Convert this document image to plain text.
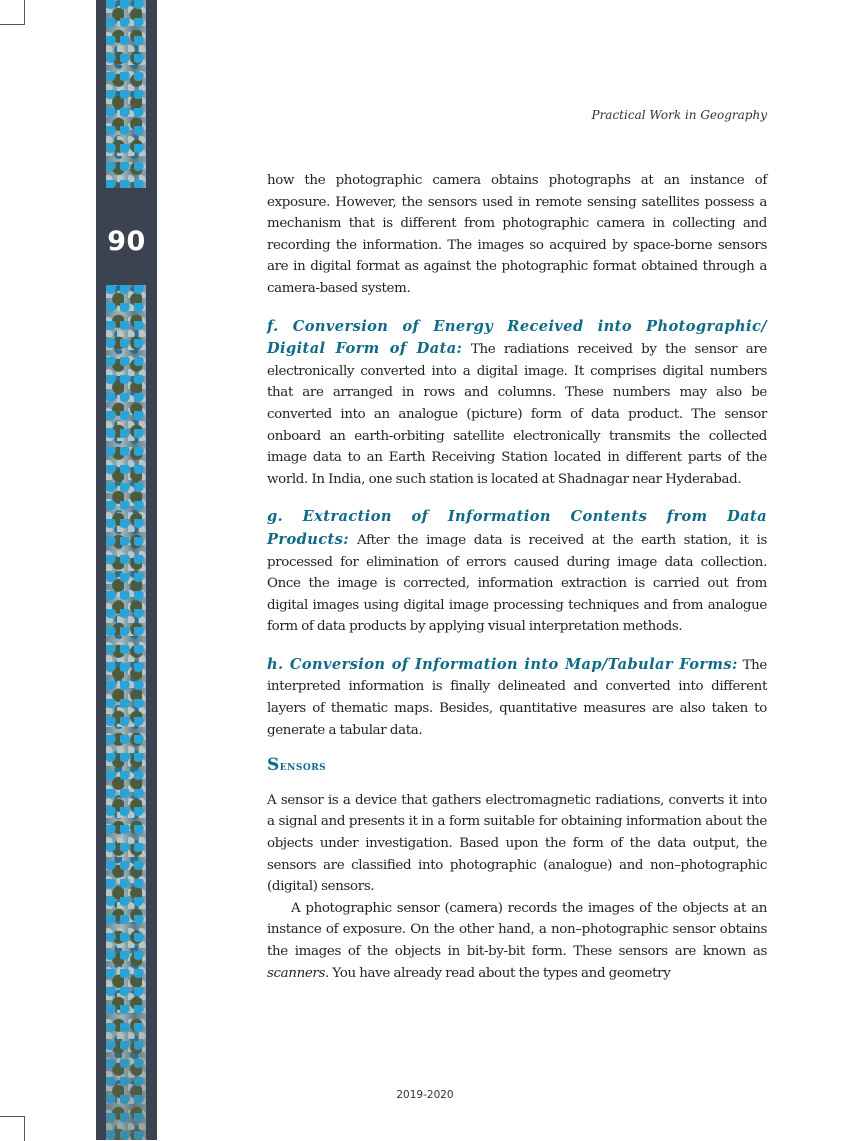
90
Practical Work in Geography

how the photographic camera obtains photographs at an instance of exposure. However, the sensors used in remote sensing satellites possess a mechanism that is different from photographic camera in collecting and recording the information. The images so acquired by space-borne sensors are in digital format as against the photographic format obtained through a camera-based system.

f. Conversion of Energy Received into Photographic/ Digital Form of Data: The radiations received by the sensor are electronically converted into a digital image. It comprises digital numbers that are arranged in rows and columns. These numbers may also be converted into an analogue (picture) form of data product. The sensor onboard an earth-orbiting satellite electronically transmits the collected image data to an Earth Receiving Station located in different parts of the world. In India, one such station is located at Shadnagar near Hyderabad.

g. Extraction of Information Contents from Data Products: After the image data is received at the earth station, it is processed for elimination of errors caused during image data collection. Once the image is corrected, information extraction is carried out from digital images using digital image processing techniques and from analogue form of data products by applying visual interpretation methods.

h. Conversion of Information into Map/Tabular Forms: The interpreted information is finally delineated and converted into different layers of thematic maps. Besides, quantitative measures are also taken to generate a tabular data.

Sensors

A sensor is a device that gathers electromagnetic radiations, converts it into a signal and presents it in a form suitable for obtaining information about the objects under investigation. Based upon the form of the data output, the sensors are classified into photographic (analogue) and non–photographic (digital) sensors.

A photographic sensor (camera) records the images of the objects at an instance of exposure. On the other hand, a non–photographic sensor obtains the images of the objects in bit-by-bit form. These sensors are known as scanners. You have already read about the types and geometry

2019-2020
